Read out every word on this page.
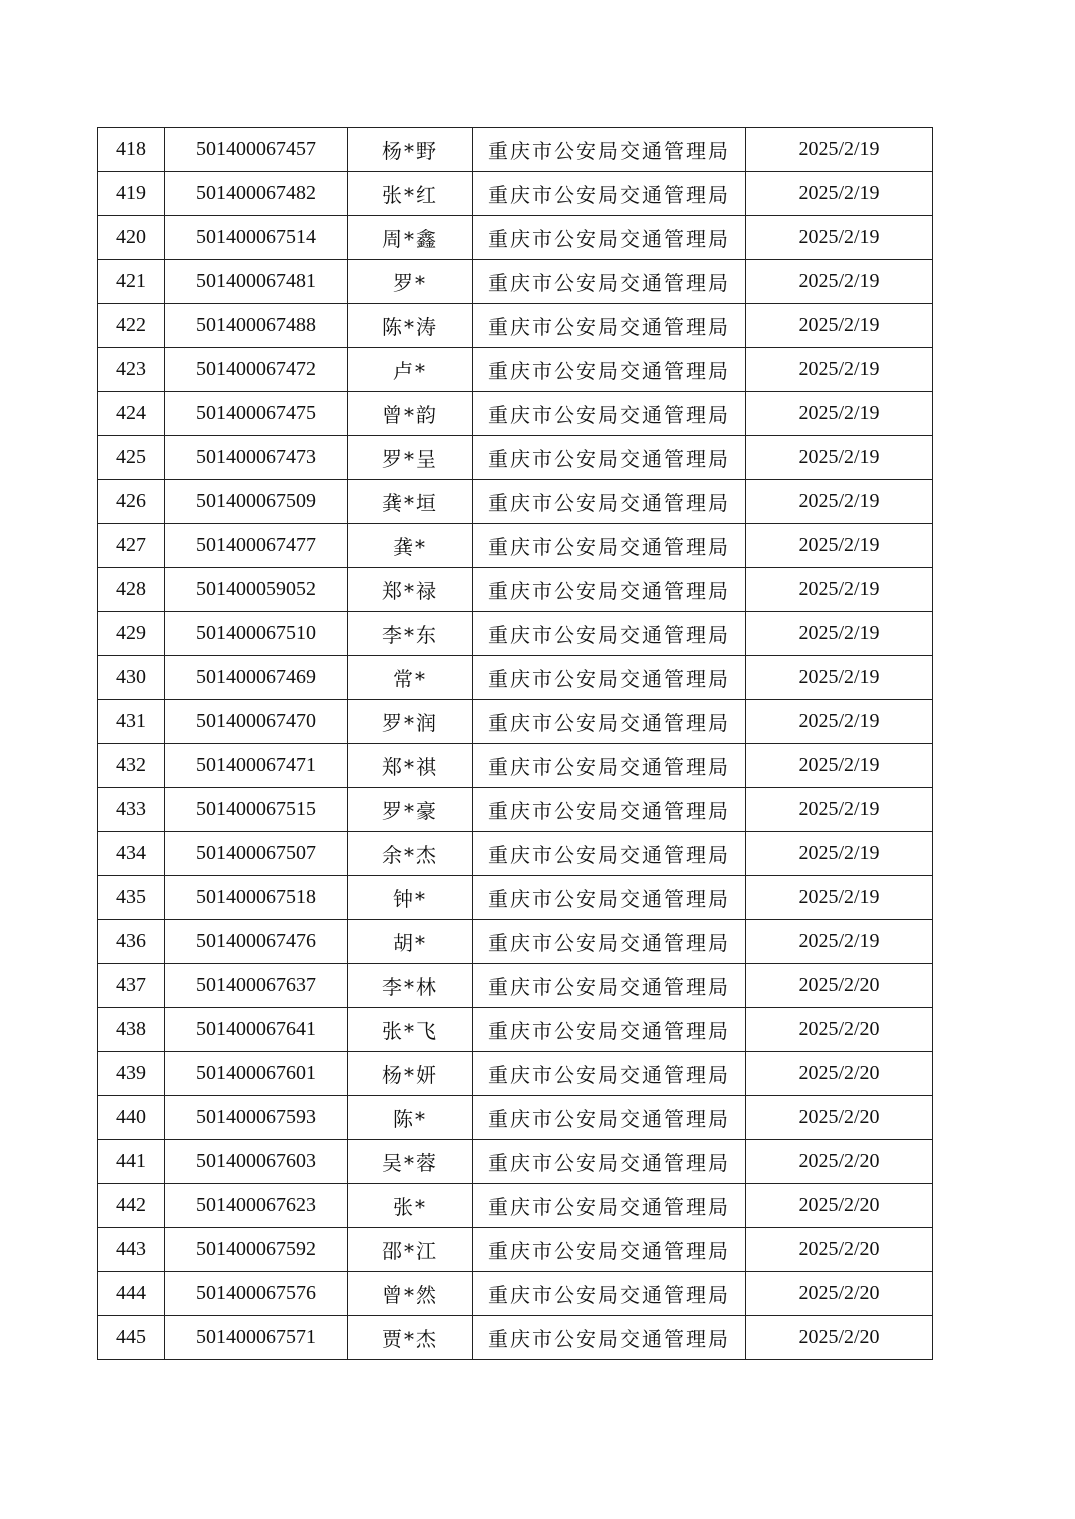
418	501400067457	杨*野	重庆市公安局交通管理局	2025/2/19
419	501400067482	张*红	重庆市公安局交通管理局	2025/2/19
420	501400067514	周*鑫	重庆市公安局交通管理局	2025/2/19
421	501400067481	罗*	重庆市公安局交通管理局	2025/2/19
422	501400067488	陈*涛	重庆市公安局交通管理局	2025/2/19
423	501400067472	卢*	重庆市公安局交通管理局	2025/2/19
424	501400067475	曾*韵	重庆市公安局交通管理局	2025/2/19
425	501400067473	罗*呈	重庆市公安局交通管理局	2025/2/19
426	501400067509	龚*垣	重庆市公安局交通管理局	2025/2/19
427	501400067477	龚*	重庆市公安局交通管理局	2025/2/19
428	501400059052	郑*禄	重庆市公安局交通管理局	2025/2/19
429	501400067510	李*东	重庆市公安局交通管理局	2025/2/19
430	501400067469	常*	重庆市公安局交通管理局	2025/2/19
431	501400067470	罗*润	重庆市公安局交通管理局	2025/2/19
432	501400067471	郑*祺	重庆市公安局交通管理局	2025/2/19
433	501400067515	罗*豪	重庆市公安局交通管理局	2025/2/19
434	501400067507	余*杰	重庆市公安局交通管理局	2025/2/19
435	501400067518	钟*	重庆市公安局交通管理局	2025/2/19
436	501400067476	胡*	重庆市公安局交通管理局	2025/2/19
437	501400067637	李*林	重庆市公安局交通管理局	2025/2/20
438	501400067641	张*飞	重庆市公安局交通管理局	2025/2/20
439	501400067601	杨*妍	重庆市公安局交通管理局	2025/2/20
440	501400067593	陈*	重庆市公安局交通管理局	2025/2/20
441	501400067603	吴*蓉	重庆市公安局交通管理局	2025/2/20
442	501400067623	张*	重庆市公安局交通管理局	2025/2/20
443	501400067592	邵*江	重庆市公安局交通管理局	2025/2/20
444	501400067576	曾*然	重庆市公安局交通管理局	2025/2/20
445	501400067571	贾*杰	重庆市公安局交通管理局	2025/2/20
